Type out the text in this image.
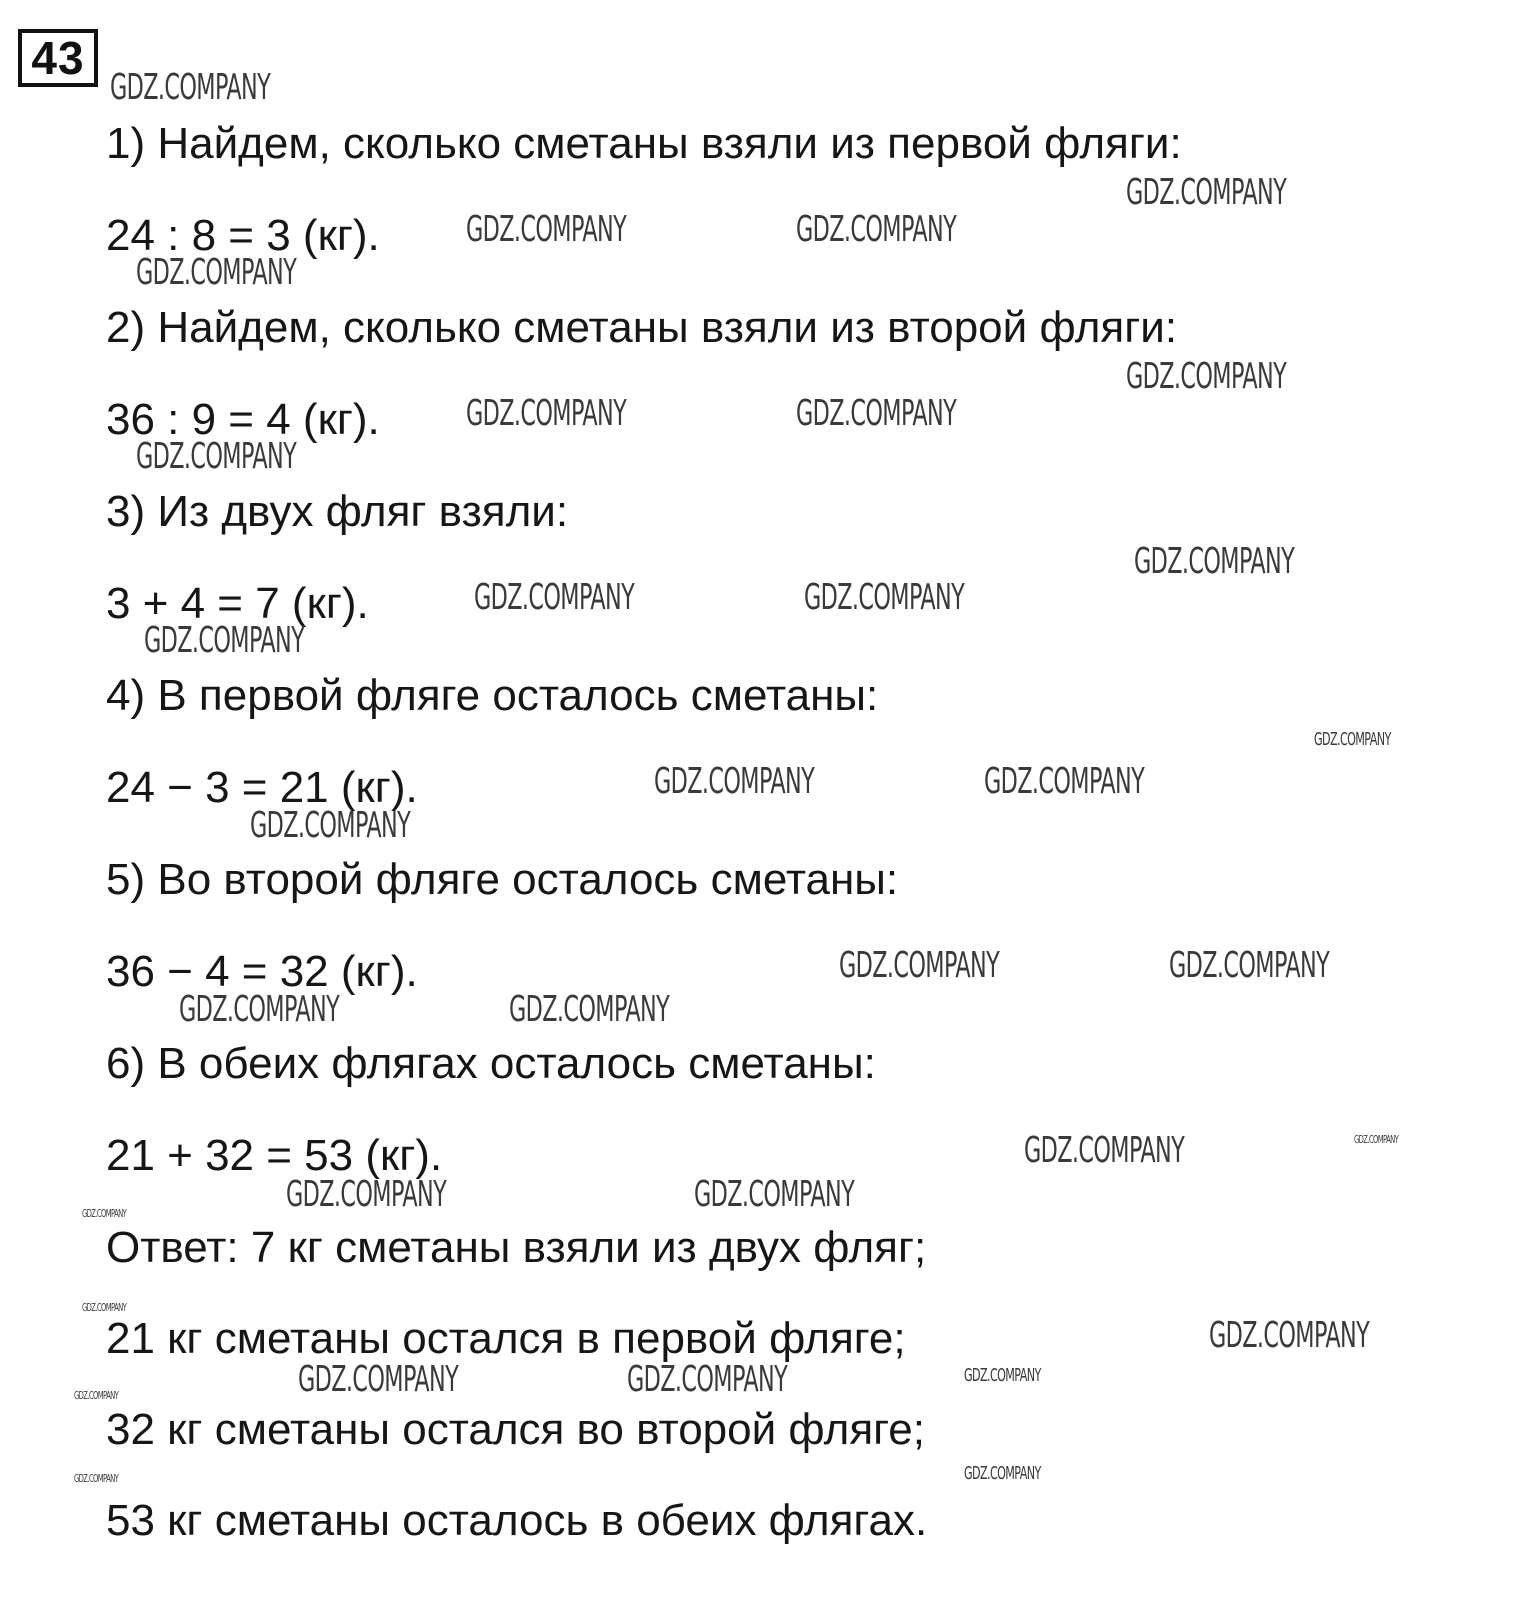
43
1) Найдем, сколько сметаны взяли из первой фляги:
24 : 8 = 3 (кг).
2) Найдем, сколько сметаны взяли из второй фляги:
36 : 9 = 4 (кг).
3) Из двух фляг взяли:
3 + 4 = 7 (кг).
4) В первой фляге осталось сметаны:
24 − 3 = 21 (кг).
5) Во второй фляге осталось сметаны:
36 − 4 = 32 (кг).
6) В обеих флягах осталось сметаны:
21 + 32 = 53 (кг).
Ответ: 7 кг сметаны взяли из двух фляг;
21 кг сметаны остался в первой фляге;
32 кг сметаны остался во второй фляге;
53 кг сметаны осталось в обеих флягах.
GDZ.COMPANY
GDZ.COMPANY
GDZ.COMPANY	GDZ.COMPANY
GDZ.COMPANY
GDZ.COMPANY
GDZ.COMPANY	GDZ.COMPANY
GDZ.COMPANY
GDZ.COMPANY
GDZ.COMPANY	GDZ.COMPANY
GDZ.COMPANY
GDZ.COMPANY
GDZ.COMPANY	GDZ.COMPANY
GDZ.COMPANY
GDZ.COMPANY	GDZ.COMPANY
GDZ.COMPANY	GDZ.COMPANY
GDZ.COMPANY
GDZ.COMPANY
GDZ.COMPANY	GDZ.COMPANY
GDZ.COMPANY
GDZ.COMPANY
GDZ.COMPANY
GDZ.COMPANY	GDZ.COMPANY	GDZ.COMPANY
GDZ.COMPANY
GDZ.COMPANY
GDZ.COMPANY
